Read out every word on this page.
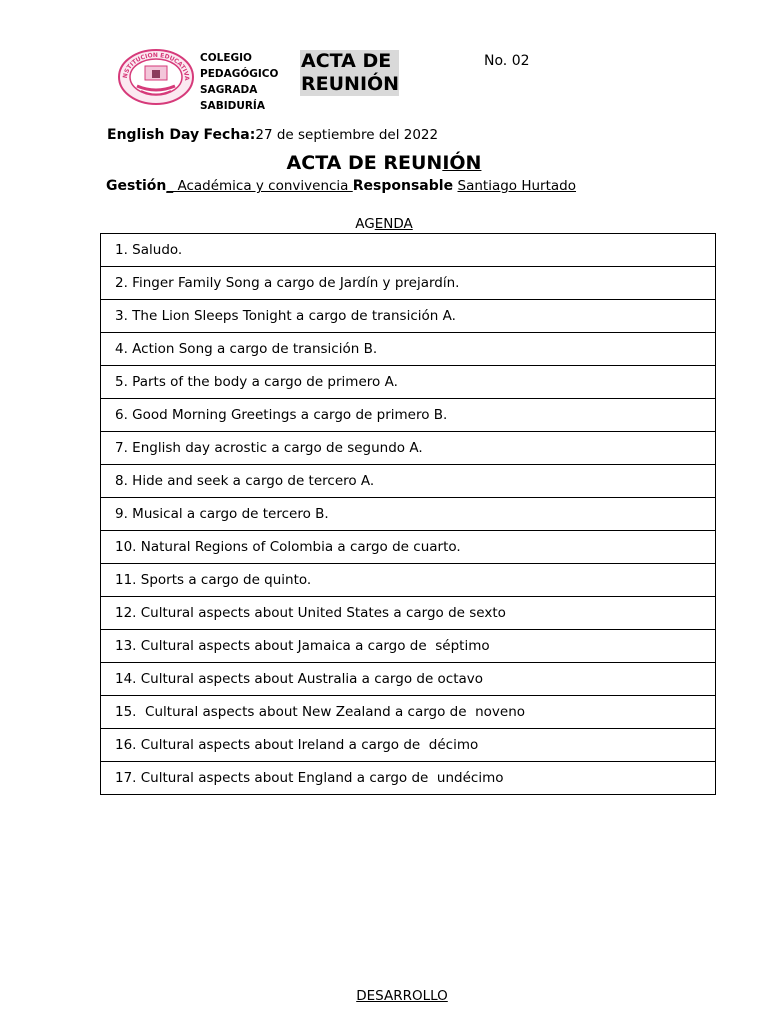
NSTITUCION EDUCATIVA
COLEGIO
PEDAGÓGICO
SAGRADA
SABIDURÍA
ACTA DE
REUNIÓN
No. 02
English Day Fecha:27 de septiembre del 2022
ACTA DE REUNIÓN
Gestión_ Académica y convivencia Responsable Santiago Hurtado
AGENDA
1. Saludo.
2. Finger Family Song a cargo de Jardín y prejardín.
3. The Lion Sleeps Tonight a cargo de transición A.
4. Action Song a cargo de transición B.
5. Parts of the body a cargo de primero A.
6. Good Morning Greetings a cargo de primero B.
7. English day acrostic a cargo de segundo A.
8. Hide and seek a cargo de tercero A.
9. Musical a cargo de tercero B.
10. Natural Regions of Colombia a cargo de cuarto.
11. Sports a cargo de quinto.
12. Cultural aspects about United States a cargo de sexto
13. Cultural aspects about Jamaica a cargo de  séptimo
14. Cultural aspects about Australia a cargo de octavo
15.  Cultural aspects about New Zealand a cargo de  noveno
16. Cultural aspects about Ireland a cargo de  décimo
17. Cultural aspects about England a cargo de  undécimo
DESARROLLO
